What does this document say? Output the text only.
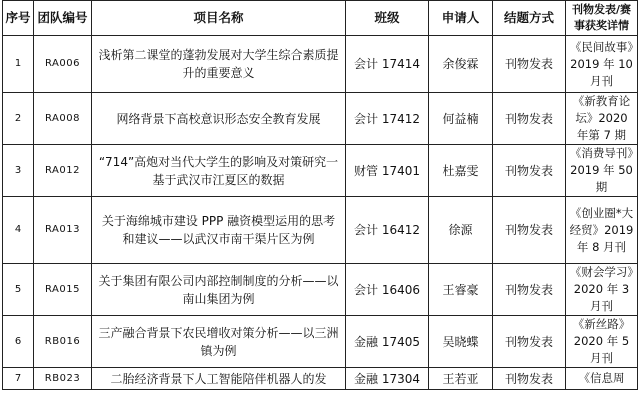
序号	团队编号	项目名称	班级	申请人	结题方式	刊物发表/赛事获奖详情
1	RA006	浅析第二课堂的蓬勃发展对大学生综合素质提升的重要意义	会计 17414	余俊霖	刊物发表	《民间故事》2019 年 10 月刊
2	RA008	网络背景下高校意识形态安全教育发展	会计 17412	何益楠	刊物发表	《新教育论坛》2020 年第 7 期
3	RA012	“714”高炮对当代大学生的影响及对策研究一基于武汉市江夏区的数据	财管 17401	杜嘉雯	刊物发表	《消费导刊》2019 年 50 期
4	RA013	关于海绵城市建设 PPP 融资模型运用的思考和建议——以武汉市南干渠片区为例	会计 16412	徐源	刊物发表	《创业圈*大经贸》2019 年 8 月刊
5	RA015	关于集团有限公司内部控制制度的分析——以南山集团为例	会计 16406	王睿豪	刊物发表	《财会学习》2020 年 3 月刊
6	RB016	三产融合背景下农民增收对策分析——以三洲镇为例	金融 17405	吴晓蝶	刊物发表	《新丝路》2020 年 5 月刊
7	RB023	二胎经济背景下人工智能陪伴机器人的发	金融 17304	王若亚	刊物发表	《信息周
